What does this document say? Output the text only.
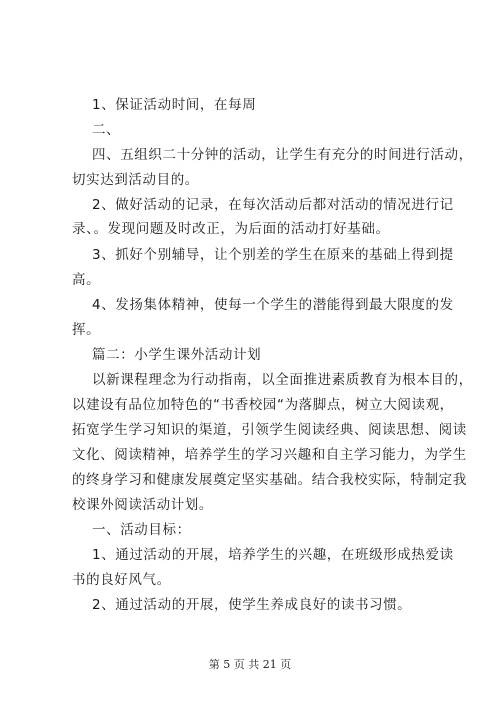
1、保证活动时间，在每周
二、
四、五组织二十分钟的活动，让学生有充分的时间进行活动，
切实达到活动目的。
2、做好活动的记录，在每次活动后都对活动的情况进行记
录、。发现问题及时改正，为后面的活动打好基础。
3、抓好个别辅导，让个别差的学生在原来的基础上得到提
高。
4、发扬集体精神，使每一个学生的潜能得到最大限度的发
挥。
篇二：小学生课外活动计划
以新课程理念为行动指南，以全面推进素质教育为根本目的，
以建设有品位加特色的“书香校园“为落脚点，树立大阅读观，
拓宽学生学习知识的渠道，引领学生阅读经典、阅读思想、阅读
文化、阅读精神，培养学生的学习兴趣和自主学习能力，为学生
的终身学习和健康发展奠定坚实基础。结合我校实际，特制定我
校课外阅读活动计划。
一、活动目标：
1、通过活动的开展，培养学生的兴趣，在班级形成热爱读
书的良好风气。
2、通过活动的开展，使学生养成良好的读书习惯。
第 5 页 共 21 页
